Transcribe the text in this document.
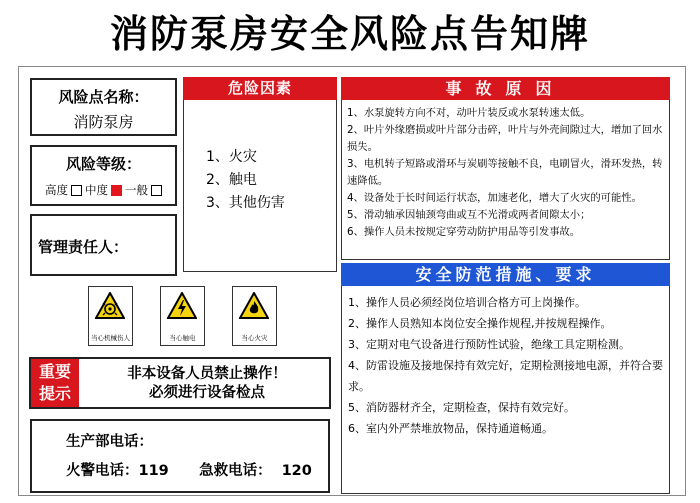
消防泵房安全风险点告知牌
风险点名称：
消防泵房
风险等级：
高度 中度 一般
管理责任人：
当心机械伤人	当心触电	当心火灾
重要
提示
非本设备人员禁止操作！
必须进行设备检点
生产部电话：
火警电话：119 急救电话： 120
危险因素
1、火灾
2、触电
3、其他伤害
事故原因

1、水泵旋转方向不对，动叶片装反或水泵转速太低。

2、叶片外缘磨损或叶片部分击碎，叶片与外壳间隙过大，增加了回水损失。

3、电机转子短路或滑环与炭刷等接触不良，电刷冒火，滑环发热，转速降低。

4、设备处于长时间运行状态，加速老化，增大了火灾的可能性。

5、滑动轴承因轴颈弯曲或互不光滑或两者间隙太小；

6、操作人员未按规定穿劳动防护用品等引发事故。

安全防范措施、要求

1、操作人员必须经岗位培训合格方可上岗操作。

2、操作人员熟知本岗位安全操作规程,并按规程操作。

3、定期对电气设备进行预防性试验，绝缘工具定期检测。

4、防雷设施及接地保持有效完好，定期检测接地电源，并符合要求。

5、消防器材齐全，定期检查，保持有效完好。

6、室内外严禁堆放物品，保持通道畅通。
